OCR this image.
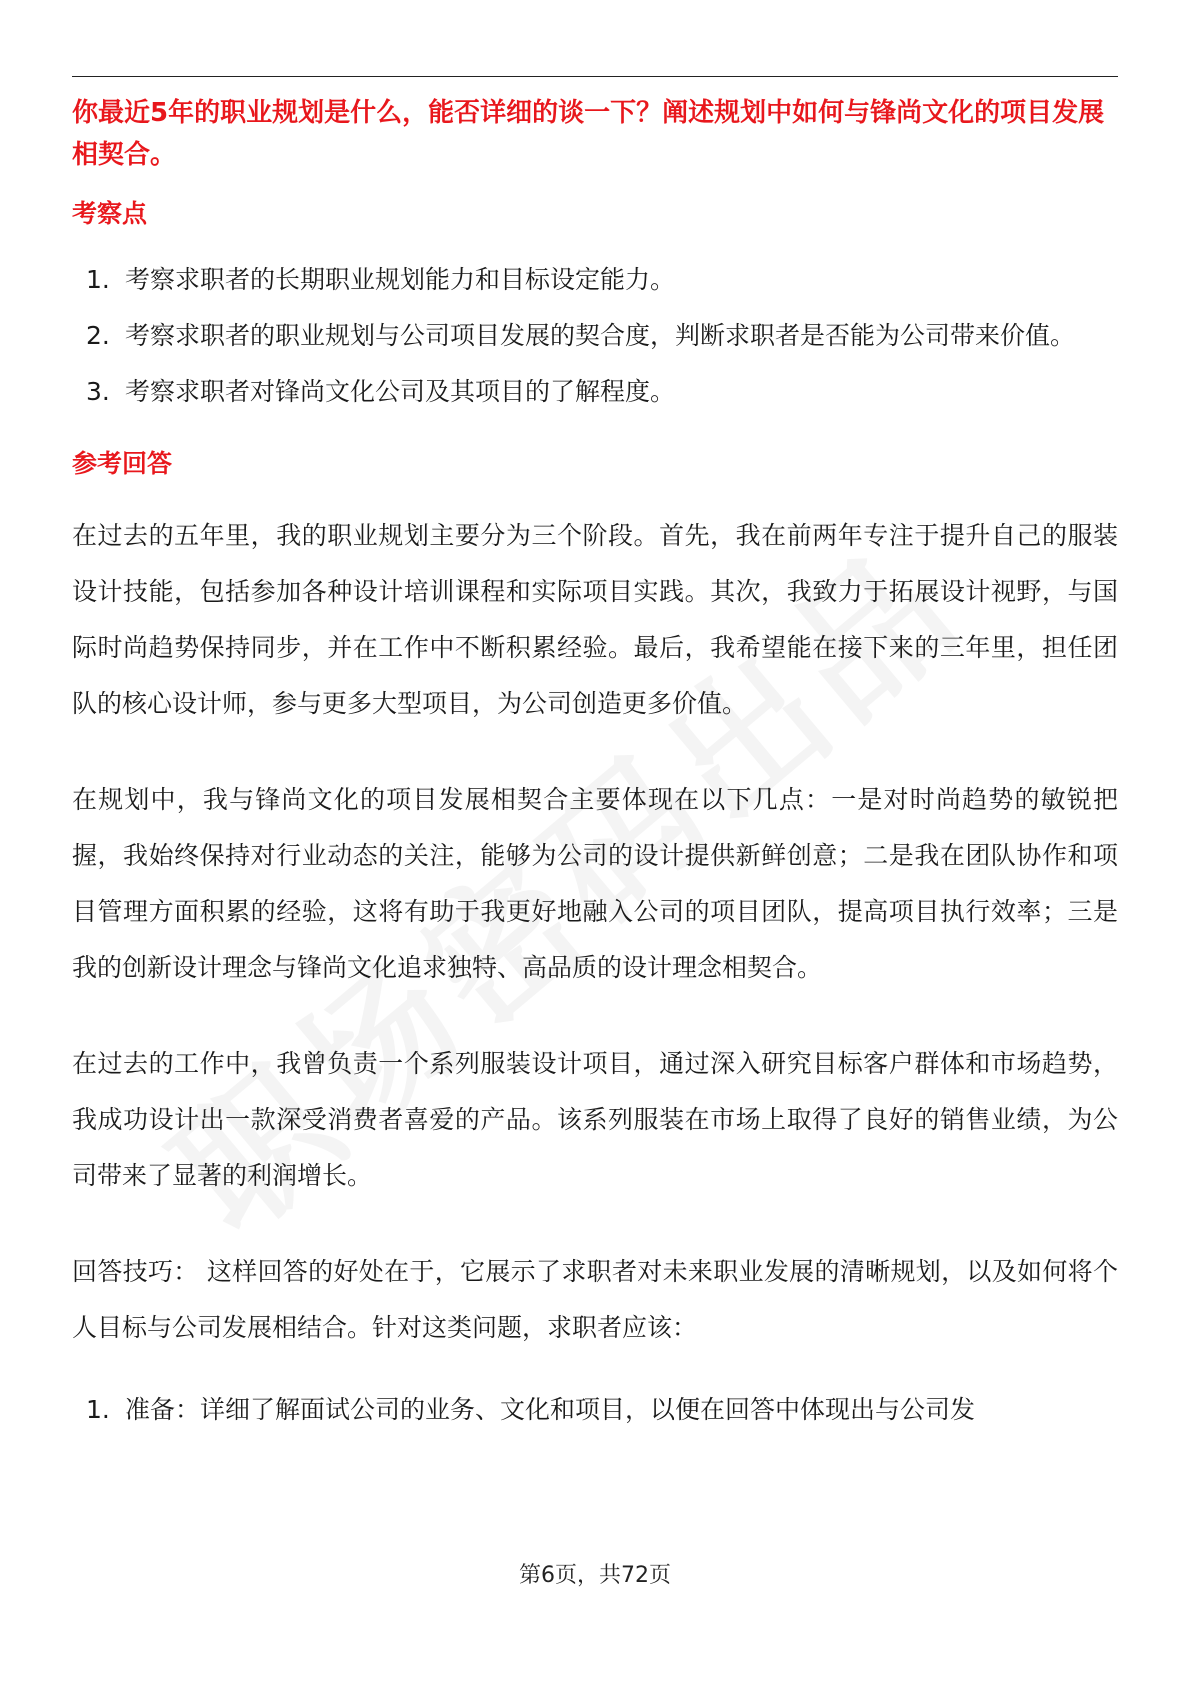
你最近5年的职业规划是什么，能否详细的谈一下？阐述规划中如何与锋尚文化的项目发展相契合。

考察点

1. 考察求职者的长期职业规划能力和目标设定能力。
2. 考察求职者的职业规划与公司项目发展的契合度，判断求职者是否能为公司带来价值。
3. 考察求职者对锋尚文化公司及其项目的了解程度。

参考回答

在过去的五年里，我的职业规划主要分为三个阶段。首先，我在前两年专注于提升自己的服装设计技能，包括参加各种设计培训课程和实际项目实践。其次，我致力于拓展设计视野，与国际时尚趋势保持同步，并在工作中不断积累经验。最后，我希望能在接下来的三年里，担任团队的核心设计师，参与更多大型项目，为公司创造更多价值。

在规划中，我与锋尚文化的项目发展相契合主要体现在以下几点：一是对时尚趋势的敏锐把握，我始终保持对行业动态的关注，能够为公司的设计提供新鲜创意；二是我在团队协作和项目管理方面积累的经验，这将有助于我更好地融入公司的项目团队，提高项目执行效率；三是我的创新设计理念与锋尚文化追求独特、高品质的设计理念相契合。

在过去的工作中，我曾负责一个系列服装设计项目，通过深入研究目标客户群体和市场趋势，我成功设计出一款深受消费者喜爱的产品。该系列服装在市场上取得了良好的销售业绩，为公司带来了显著的利润增长。

回答技巧： 这样回答的好处在于，它展示了求职者对未来职业发展的清晰规划，以及如何将个人目标与公司发展相结合。针对这类问题，求职者应该：

1. 准备：详细了解面试公司的业务、文化和项目，以便在回答中体现出与公司发
第6页，共72页
